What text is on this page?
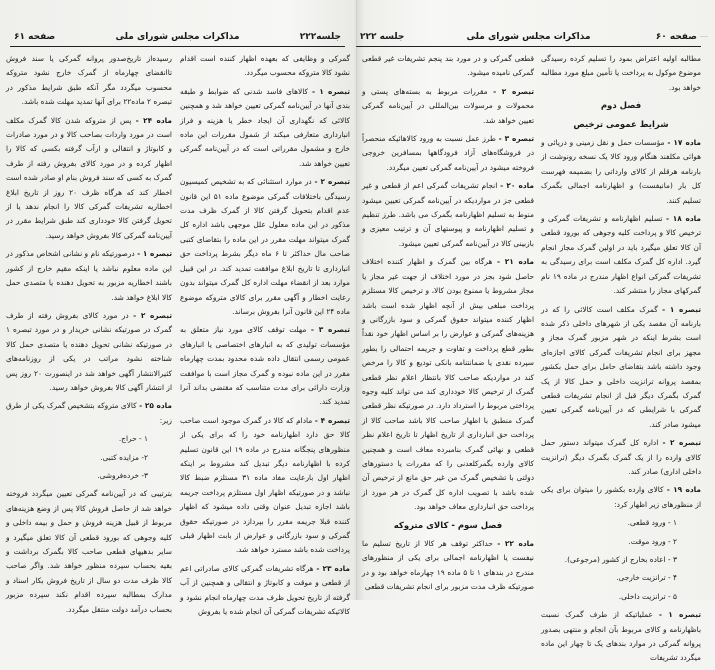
جلسه۲۲۲
مذاکرات مجلس شورای ملی
صفحه ۶۱

گمرکی و وظایفی که بعهده اظهار کننده است اقدام نشود کالا متروکه محسوب میگردد.

تبصره ۱ - کالاهای فاسد شدنی که ضوابط و طبقه بندی آنها در آیین‌نامه گمرکی تعیین خواهد شد و همچنین کالائی که نگهداری آن ایجاد خطر یا هزینه و فراز انبارداری متعارفی میکند از شمول مقررات این ماده خارج و مشمول مقرراتی است که در آیین‌نامه گمرکی تعیین خواهد شد.

تبصره ۲ - در موارد استثنائی که به تشخیص کمیسیون رسیدگی باختلافات گمرکی موضوع ماده ۵۱ این قانون عدم اقدام بتحویل گرفتن کالا از گمرک ظرف مدت مذکور در این ماده معلول علل موجهی باشد اداره کل گمرک میتواند مهلت مقرر در این ماده را بتقاضای کتبی صاحب مال حداکثر تا ۶ ماه دیگر بشرط پرداخت حق انبارداری تا تاریخ ابلاغ موافقت تمدید کند. در این قبیل موارد بعد از انقضاء مهلت اداره کل گمرک میتواند بدون رعایت اخطار و آگهی مقرر برای کالای متروکه موضوع ماده ۲۴ این قانون آنرا بفروش برساند.

تبصره ۳ - مهلت توقف کالای مورد نیاز متعلق به مؤسسات تولیدی که به انبارهای اختصاصی یا انبارهای عمومی رسمی انتقال داده شده محدود بمدت چهارماه مقرر در این ماده نبوده و گمرک مجاز است با موافقت وزارت دارائی برای مدت متناسب که مقتضی بداند آنرا تمدید کند.

تبصره ۴ - مادام که کالا در گمرک موجود است صاحب کالا حق دارد اظهارنامه خود را که برای یکی از منظورهای پنجگانه مندرج در ماده ۱۹ این قانون تسلیم کرده با اظهارنامه دیگر تبدیل کند مشروط بر اینکه اظهار اول بارعایت مفاد ماده ۳۱ مستلزم ضبط کالا نباشد و در صورتیکه اظهار اول مستلزم پرداخت جریمه باشد اجازه تبدیل عنوان وقتی داده میشود که اظهار کننده قبلا جریمه مقرر را بپردازد در صورتیکه حقوق گمرکی و سود بازرگانی و عوارض از بابت اظهار قبلی پرداخت شده باشد مسترد خواهد شد.

ماده ۲۳ - هرگاه تشریفات گمرکی کالای صادراتی اعم از قطعی و موقت و کابوتاژ و انتقالی و همچنین از آب گرفته از تاریخ تحویل ظرف مدت چهارماه انجام نشود و کالائیکه تشریفات گمرکی آن انجام شده یا بفروش

رسیده‌از تاریخ‌صدور پروانه گمرکی یا سند فروش تاانقضای چهارماه از گمرک خارج نشود متروکه محسوب میگردد مگر آنکه طبق شرایط مذکور در تبصره ۲ ماده۲۲ برای آنها تمدید مهلت شده باشد.

ماده ۲۴ - پس از متروکه شدن کالا گمرک مکلف است در مورد واردات بصاحب کالا و در مورد صادرات و کابوتاژ و انتقالی و ارآب گرفته بکسی که کالا را اظهار کرده و در مورد کالای بفروش رفته از طرف گمرک به کسی که سند فروش بنام او صادر شده است اخطار کند که هرگاه ظرف ۲۰ روز از تاریخ ابلاغ اخطاریه تشریفات گمرکی کالا را انجام ندهد یا از تحویل گرفتن کالا خودداری کند طبق شرایط مقرر در آیین‌نامه گمرکی کالا بفروش خواهد رسید.

تبصره ۱ - درصورتیکه نام و نشانی اشخاص مذکور در این ماده معلوم نباشد یا اینکه مقیم خارج از کشور باشند اخطاریه مزبور به تحویل دهنده یا متصدی حمل کالا ابلاغ خواهد شد.

تبصره ۲ - در مورد کالای بفروش رفته از طرف گمرک در صورتیکه نشانی خریدار و در مورد تبصره ۱ در صورتیکه نشانی تحویل دهنده یا متصدی حمل کالا شناخته نشود مراتب در یکی از روزنامه‌های کثیرالانتشار آگهی خواهد شد در اینصورت ۲۰ روز پس از انتشار آگهی کالا بفروش خواهد رسید.

ماده ۲۵ - کالای متروکه بتشخیص گمرک یکی از طرق زیر:

۱ - حراج.

۲- مزایده کتبی.

۳- خرده‌فروشی.

بترتیبی که در آیین‌نامه گمرکی تعیین میگردد فروخته خواهد شد از حاصل فروش کالا پس از وضع هزینه‌های مربوط از قبیل هزینه فروش و حمل و بیمه داخلی و کلیه وجوهی که بورود قطعی آن کالا تعلق میگیرد و سایر بدهیهای قطعی صاحب کالا بگمرک برداشت و بقیه بحساب سپرده منظور خواهد شد. واگر صاحب کالا ظرف مدت دو سال از تاریخ فروش بکار اسناد و مدارک بمطالبه سپرده اقدام نکند سپرده مزبور بحساب درآمد دولت منتقل میگردد.

صفحه ۶۰
مذاکرات مجلس شورای ملی
جلسه ۲۲۲

مطالبه اولیه اعتراض بمود را تسلیم کرده رسیدگی موضوع موکول به پرداخت یا تأمین مبلغ مورد مطالبه خواهد بود.

فصل دوم

شرایط عمومی ترخیص

ماده ۱۷ - مؤسسات حمل و نقل زمینی و دریائی و هوائی مکلفند هنگام ورود کالا یک نسخه رونوشت از بارنامه هرقلم از کالای وارداتی را بضمیمه فهرست کل بار (مانیفست) و اظهارنامه اجمالی بگمرک تسلیم کنند.

ماده ۱۸ - تسلیم اظهارنامه و تشریفات گمرکی و ترخیص کالا و پرداخت کلیه وجوهی که بورود قطعی آن کالا تعلق میگیرد باید در اولین گمرک مجاز انجام گیرد. اداره کل گمرک مکلف است برای رسیدگی به تشریفات گمرکی انواع اظهار مندرج در ماده ۱۹ نام گمرکهای مجاز را منتشر کند.

تبصره ۱ - گمرک مکلف است کالائی را که در بارنامه آن مقصد یکی از شهرهای داخلی ذکر شده است بشرط اینکه در شهر مزبور گمرک مجاز و مجهز برای انجام تشریفات گمرکی کالای اجازه‌ای وجود داشته باشد بتقاضای حامل برای حمل بکشور بمقصد پروانه ترانزیت داخلی و حمل کالا از یک گمرک بگمرک دیگر قبل از انجام تشریفات قطعی گمرکی با شرایطی که در آیین‌نامه گمرکی تعیین میشود صادر کند.

تبصره ۲ - اداره کل گمرک میتواند دستور حمل کالای وارده را از یک گمرک بگمرک دیگر (ترانزیت داخلی اداری) صادر کند.

ماده ۱۹ - کالای وارده بکشور را میتوان برای یکی از منظورهای زیر اظهار کرد:

۱ - ورود قطعی.

۲ - ورود موقت.

۳ - اعاده بخارج از کشور (مرجوعی).

۴ - ترانزیت خارجی.

۵ - ترانزیت داخلی.

تبصره ۱ - عملیاتیکه از طرف گمرک نسبت باظهارنامه و کالای مربوط بآن انجام و منتهی بصدور پروانه گمرکی در موارد بندهای یک تا چهار این ماده میگردد تشریفات

قطعی گمرکی و در مورد بند پنجم تشریفات غیر قطعی گمرکی نامیده میشود.

تبصره ۲ - مقررات مربوط به بسته‌های پستی و محمولات و مرسولات بین‌المللی در آیین‌نامه گمرکی تعیین خواهد شد.

تبصره ۳ - طرز عمل نسبت به ورود کالاهائیکه منحصراً در فروشگاه‌های آزاد فرودگاهها بمسافرین خروجی فروخته میشود در آیین‌نامه گمرکی تعیین میگردد.

ماده ۲۰ - انجام تشریفات گمرکی اعم از قطعی و غیر قطعی جز در مواردیکه در آیین‌نامه گمرکی تعیین میشود منوط به تسلیم اظهارنامه بگمرک می باشد. طرز تنظیم و تسلیم اظهارنامه و پیوستهای آن و ترتیب معیزی و بازبینی کالا در آیین‌نامه گمرکی تعیین میشود.

ماده ۲۱ - هرگاه بین گمرک و اظهار کننده اختلاف حاصل شود بجز در مورد اختلاف از جهت غیر مجاز یا مجاز مشروط یا ممنوع بودن کالا، و ترخیص کالا مستلزم پرداخت مبلغی بیش از آنچه اظهار شده است باشد اظهار کننده میتواند حقوق گمرکی و سود بازرگانی و هزینه‌های گمرکی و عوارض را بر اساس اظهار خود نقداً بطور قطع پرداخت و تفاوت و جریمه احتمالی را بطور سپرده نقدی یا ضمانتنامه بانکی تودیع و کالا را مرخص کند در مواردیکه صاحب کالا بانتظار اعلام نظر قطعی گمرک از ترخیص کالا خودداری کند می تواند کلیه وجوه پرداختی مربوط را استرداد دارد. در صورتیکه نظر قطعی گمرک منطبق با اظهار صاحب کالا باشد صاحب کالا از پرداخت حق انبارداری از تاریخ اظهار تا تاریخ اعلام نظر قطعی و نهائی گمرک بنامبرده معاف است و همچنین کالای وارده بگمرکلعدنی را که مقررات یا دستورهای دولتی با تشخیص گمرک من غیر حق مانع از ترخیص آن شده باشد با تصویب اداره کل گمرک در هر مورد از پرداخت حق انبارداری معاف خواهد بود.

فصل سوم - کالای متروکه

ماده ۲۲ - حداکثر توقف هر کالا از تاریخ تسلیم ما نیفست یا اظهارنامه اجمالی برای یکی از منظورهای مندرج در بندهای ۱ تا ۵ ماده ۱۹ چهارماه خواهد بود و در صورتیکه ظرف مدت مزبور برای انجام تشریفات قطعی
